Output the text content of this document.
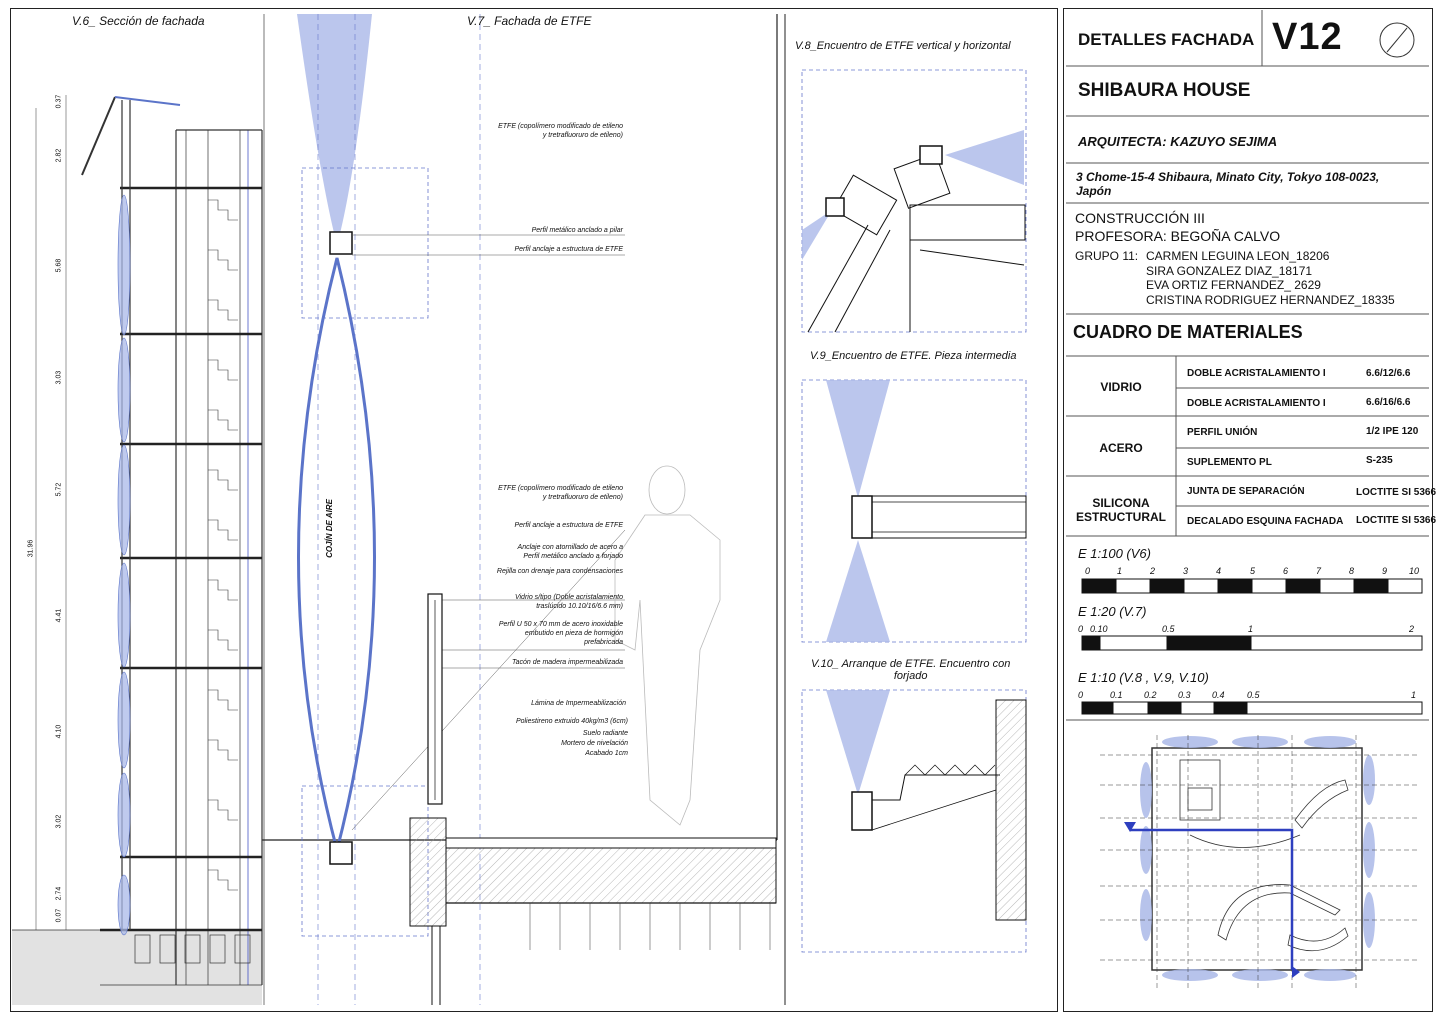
V.6_ Sección de fachada	V.7_ Fachada de ETFE
V.8_Encuentro de ETFE vertical y horizontal
V.9_Encuentro de ETFE. Pieza intermedia
V.10_ Arranque de ETFE. Encuentro con
forjado
0.37
2.82
5.68
3.03
5.72
4.41
4.10
3.02
2.74
0.07
31.96
ETFE (copolímero modificado de etileno
y tretrafluoruro de etileno)
Perfil metálico anclado a pilar
Perfil anclaje a estructura de ETFE
ETFE (copolímero modificado de etileno
y tretrafluoruro de etileno)
Perfil anclaje a estructura de ETFE
Anclaje con atornillado de acero a
Perfil metálico anclado a forjado
Rejilla con drenaje para condensaciones
Vidrio s/tipo (Doble acristalamiento
traslúcido 10.10/16/6.6 mm)
Perfil U 50 x 70 mm de acero inoxidable
embutido en pieza de hormigón
prefabricada
Tacón de madera impermeabilizada
Lámina de Impermeabilización
Poliestireno extruido 40kg/m3 (6cm)
Suelo radiante
Mortero de nivelación
Acabado 1cm
COJÍN DE AIRE
DETALLES FACHADA V12
SHIBAURA HOUSE
ARQUITECTA: KAZUYO SEJIMA
3 Chome-15-4 Shibaura, Minato City, Tokyo 108-0023,
Japón
CONSTRUCCIÓN III
PROFESORA: BEGOÑA CALVO
GRUPO 11: CARMEN LEGUINA LEON_18206
SIRA GONZALEZ DIAZ_18171
EVA ORTIZ FERNANDEZ_ 2629
CRISTINA RODRIGUEZ HERNANDEZ_18335
CUADRO DE MATERIALES
VIDRIO
DOBLE ACRISTALAMIENTO I	6.6/12/6.6
DOBLE ACRISTALAMIENTO I	6.6/16/6.6
ACERO
PERFIL UNIÓN	1/2 IPE 120
SUPLEMENTO PL	S-235
SILICONA
ESTRUCTURAL
JUNTA DE SEPARACIÓN	LOCTITE SI 5366
DECALADO ESQUINA FACHADA LOCTITE SI 5366
E 1:100 (V6)
0	1	2	3	4	5	6	7	8	9 10
E 1:20 (V.7)
0 0.10	0.5	1	2
E 1:10 (V.8 , V.9, V.10)
0	0.1 0.2 0.3 0.4 0.5	1
